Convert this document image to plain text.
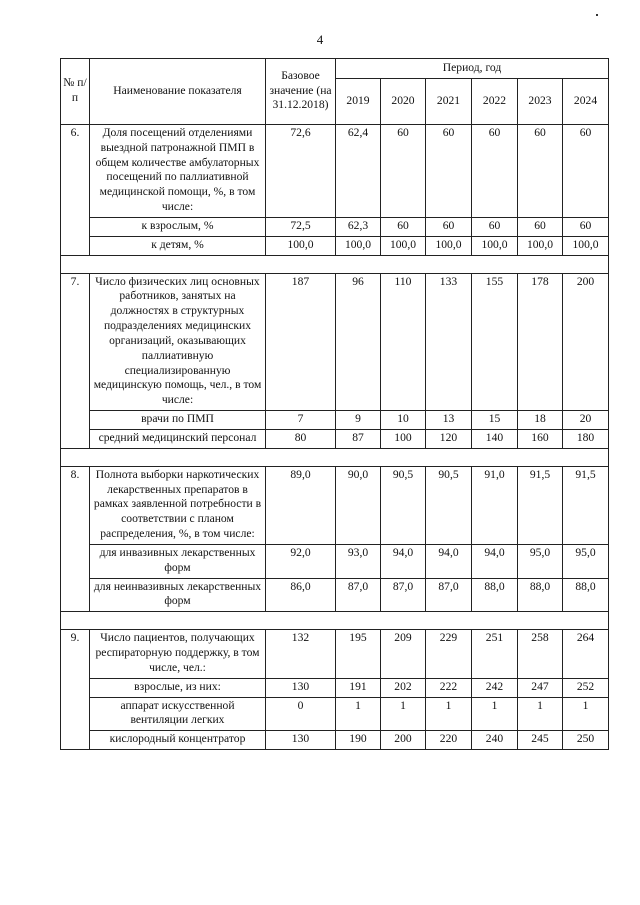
4
№ п/п	Наименование показателя	Базовое значение (на 31.12.2018)	Период, год					
			2019	2020	2021	2022	2023	2024
6.	Доля посещений отделениями выездной патронажной ПМП в общем количестве амбулаторных посещений по паллиативной медицинской помощи, %, в том числе:	72,6	62,4	60	60	60	60	60
	к взрослым, %	72,5	62,3	60	60	60	60	60
	к детям, %	100,0	100,0	100,0	100,0	100,0	100,0	100,0

7.	Число физических лиц основных работников, занятых на должностях в структурных подразделениях медицинских организаций, оказывающих паллиативную специализированную медицинскую помощь, чел., в том числе:	187	96	110	133	155	178	200
	врачи по ПМП	7	9	10	13	15	18	20
	средний медицинский персонал	80	87	100	120	140	160	180

8.	Полнота выборки наркотических лекарственных препаратов в рамках заявленной потребности в соответствии с планом распределения, %, в том числе:	89,0	90,0	90,5	90,5	91,0	91,5	91,5
	для инвазивных лекарственных форм	92,0	93,0	94,0	94,0	94,0	95,0	95,0
	для неинвазивных лекарственных форм	86,0	87,0	87,0	87,0	88,0	88,0	88,0

9.	Число пациентов, получающих респираторную поддержку, в том числе, чел.:	132	195	209	229	251	258	264
	взрослые, из них:	130	191	202	222	242	247	252
	аппарат искусственной вентиляции легких	0	1	1	1	1	1	1
	кислородный концентратор	130	190	200	220	240	245	250
